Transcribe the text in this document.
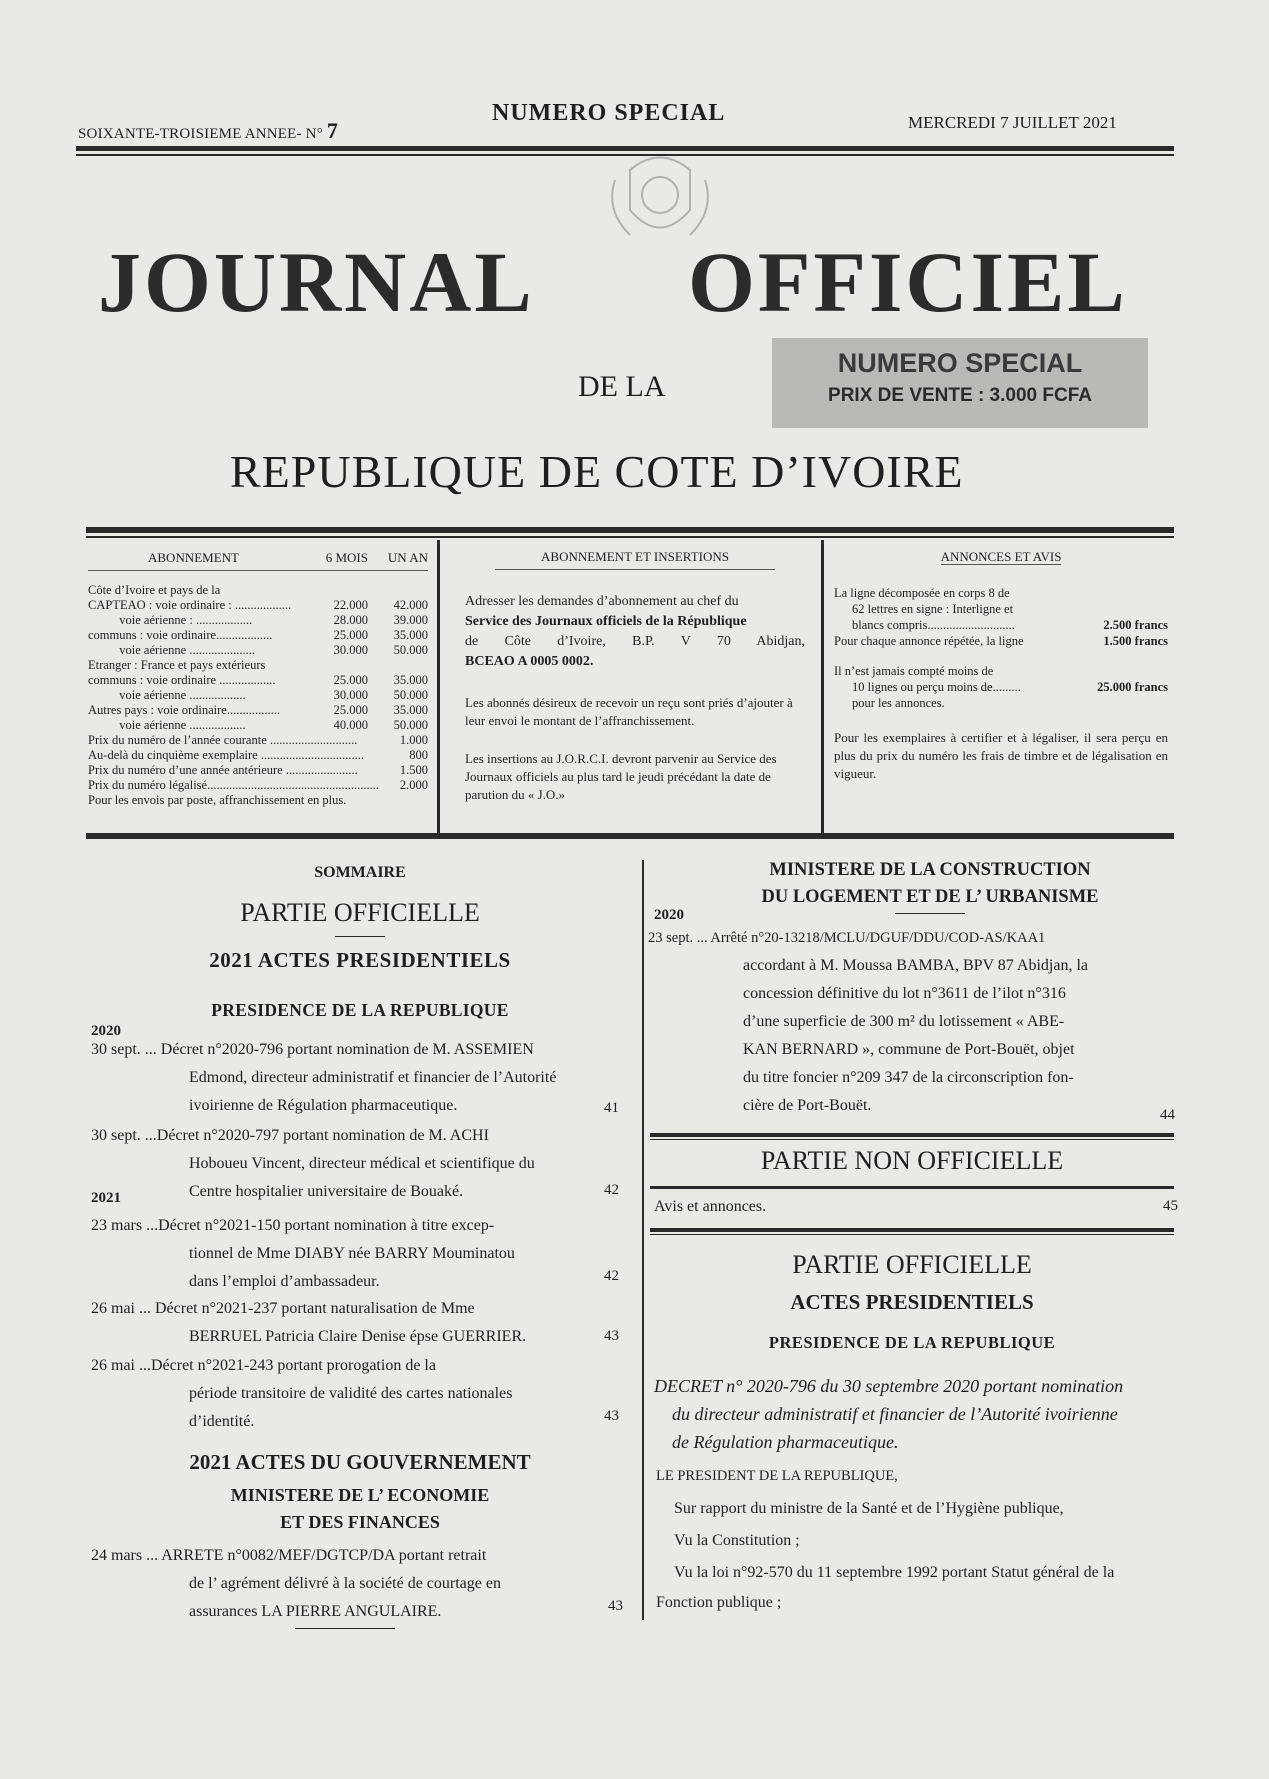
SOIXANTE-TROISIEME ANNEE- N° 7
NUMERO SPECIAL	MERCREDI 7 JUILLET 2021
JOURNAL OFFICIEL
DE LA
NUMERO SPECIAL
PRIX DE VENTE : 3.000 FCFA
REPUBLIQUE DE COTE D’IVOIRE
ABONNEMENT	6 MOIS	UN AN
Côte d’Ivoire et pays de la
CAPTEAO : voie ordinaire : ..................	22.000	42.000
voie aérienne : ..................	28.000	39.000
communs : voie ordinaire..................	25.000	35.000
voie aérienne .....................	30.000	50.000
Etranger : France et pays extérieurs
communs : voie ordinaire ..................	25.000	35.000
voie aérienne ..................	30.000	50.000
Autres pays : voie ordinaire.................	25.000	35.000
voie aérienne ..................	40.000	50.000
Prix du numéro de l’année courante ............................	1.000
Au-delà du cinquième exemplaire .................................	800
Prix du numéro d’une année antérieure .......................	1.500
Prix du numéro légalisé....................................................... 2.000
Pour les envois par poste, affranchissement en plus.
ABONNEMENT ET INSERTIONS
Adresser les demandes d’abonnement au chef du
Service des Journaux officiels de la République
de Côte d’Ivoire, B.P. V 70 Abidjan,
BCEAO A 0005 0002.
Les abonnés désireux de recevoir un reçu sont priés d’ajouter à leur envoi le montant de l’affranchissement.
Les insertions au J.O.R.C.I. devront parvenir au Service des Journaux officiels au plus tard le jeudi précédant la date de parution du « J.O.»
ANNONCES ET AVIS
La ligne décomposée en corps 8 de
62 lettres en signe : Interligne et
blancs compris............................	2.500 francs
Pour chaque annonce répétée, la ligne	1.500 francs
Il n’est jamais compté moins de
10 lignes ou perçu moins de.........	25.000 francs
pour les annonces.
Pour les exemplaires à certifier et à légaliser, il sera perçu en plus du prix du numéro les frais de timbre et de légalisation en vigueur.
SOMMAIRE
PARTIE OFFICIELLE
2021 ACTES PRESIDENTIELS
PRESIDENCE DE LA REPUBLIQUE
2020
30 sept. ... Décret n°2020-796 portant nomination de M. ASSEMIEN
Edmond, directeur administratif et financier de l’Autorité
ivoirienne de Régulation pharmaceutique.	41
30 sept. ...Décret n°2020-797 portant nomination de M. ACHI
Hoboueu Vincent, directeur médical et scientifique du
Centre hospitalier universitaire de Bouaké.	42
2021
23 mars ...Décret n°2021-150 portant nomination à titre excep-
tionnel de Mme DIABY née BARRY Mouminatou
dans l’emploi d’ambassadeur.	42
26 mai ... Décret n°2021-237 portant naturalisation de Mme
BERRUEL Patricia Claire Denise épse GUERRIER.	43
26 mai ...Décret n°2021-243 portant prorogation de la
période transitoire de validité des cartes nationales
d’identité.	43
2021 ACTES DU GOUVERNEMENT
MINISTERE DE L’ ECONOMIE
ET DES FINANCES
24 mars ... ARRETE n°0082/MEF/DGTCP/DA portant retrait
de l’ agrément délivré à la société de courtage en
assurances LA PIERRE ANGULAIRE.	43
MINISTERE DE LA CONSTRUCTION
DU LOGEMENT ET DE L’ URBANISME
2020
23 sept. ... Arrêté n°20-13218/MCLU/DGUF/DDU/COD-AS/KAA1
accordant à M. Moussa BAMBA, BPV 87 Abidjan, la
concession définitive du lot n°3611 de l’ilot n°316
d’une superficie de 300 m² du lotissement « ABE-
KAN BERNARD », commune de Port-Bouët, objet
du titre foncier n°209 347 de la circonscription fon-
cière de Port-Bouët.
44
PARTIE NON OFFICIELLE
Avis et annonces.	45
PARTIE OFFICIELLE
ACTES PRESIDENTIELS
PRESIDENCE DE LA REPUBLIQUE
DECRET n° 2020-796 du 30 septembre 2020 portant nomination
du directeur administratif et financier de l’Autorité ivoirienne
de Régulation pharmaceutique.
LE PRESIDENT DE LA REPUBLIQUE,
Sur rapport du ministre de la Santé et de l’Hygiène publique,
Vu la Constitution ;
Vu la loi n°92-570 du 11 septembre 1992 portant Statut général de la
Fonction publique ;
